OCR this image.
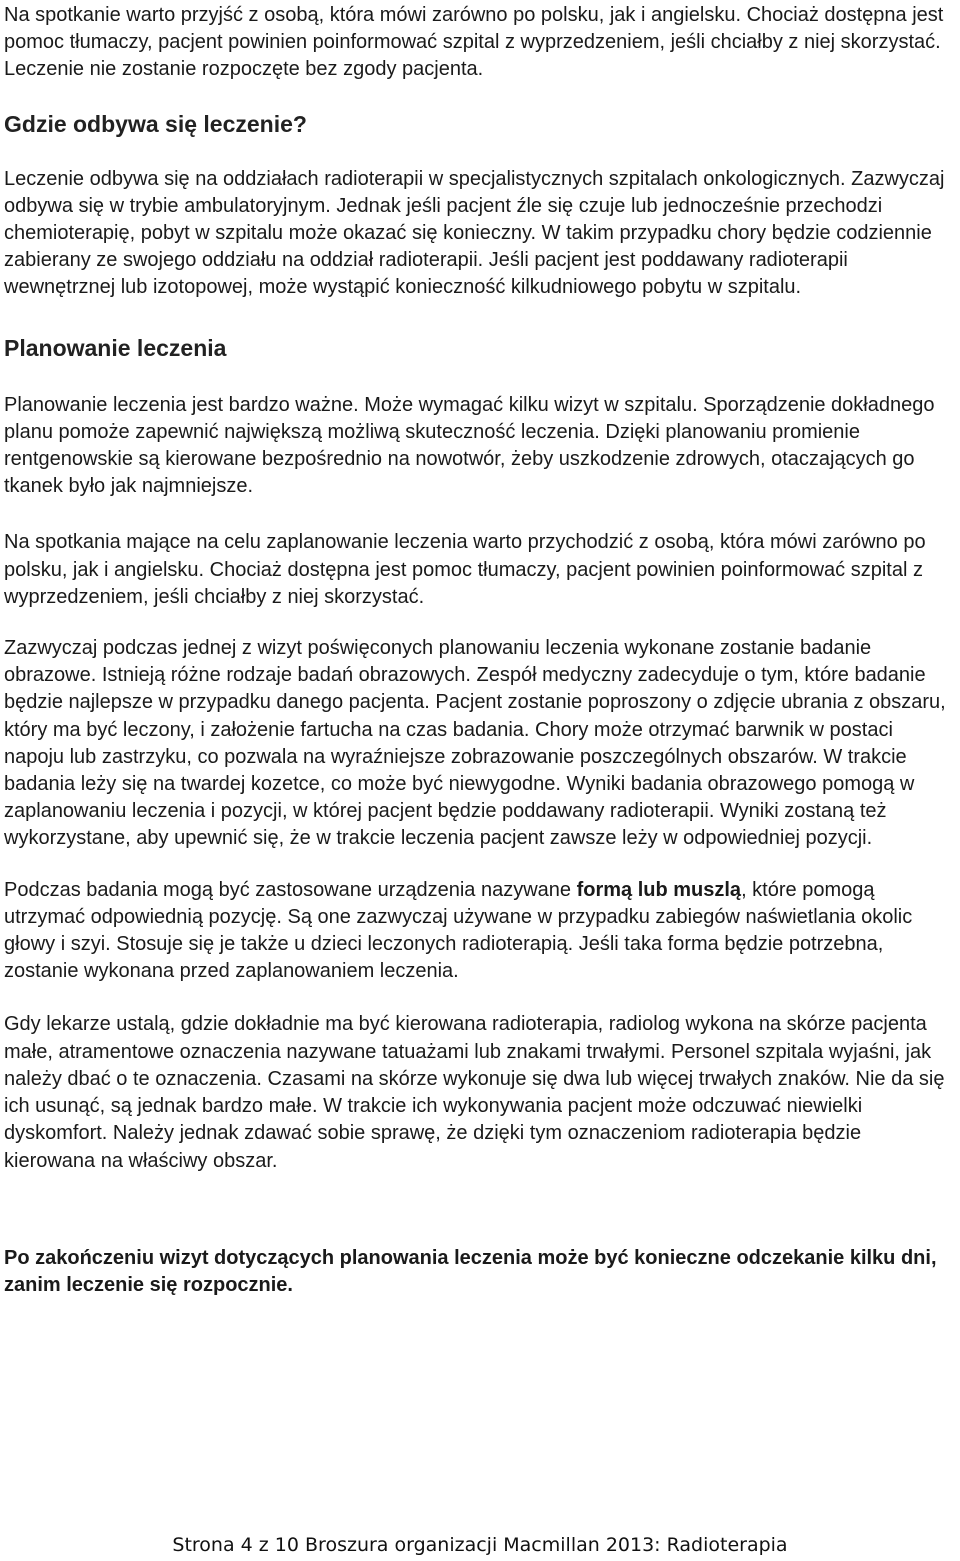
Na spotkanie warto przyjść z osobą, która mówi zarówno po polsku, jak i angielsku. Chociaż dostępna jest pomoc tłumaczy, pacjent powinien poinformować szpital z wyprzedzeniem, jeśli chciałby z niej skorzystać. Leczenie nie zostanie rozpoczęte bez zgody pacjenta.

Gdzie odbywa się leczenie?

Leczenie odbywa się na oddziałach radioterapii w specjalistycznych szpitalach onkologicznych. Zazwyczaj odbywa się w trybie ambulatoryjnym. Jednak jeśli pacjent źle się czuje lub jednocześnie przechodzi chemioterapię, pobyt w szpitalu może okazać się konieczny. W takim przypadku chory będzie codziennie zabierany ze swojego oddziału na oddział radioterapii. Jeśli pacjent jest poddawany radioterapii wewnętrznej lub izotopowej, może wystąpić konieczność kilkudniowego pobytu w szpitalu.

Planowanie leczenia

Planowanie leczenia jest bardzo ważne. Może wymagać kilku wizyt w szpitalu. Sporządzenie dokładnego planu pomoże zapewnić największą możliwą skuteczność leczenia. Dzięki planowaniu promienie rentgenowskie są kierowane bezpośrednio na nowotwór, żeby uszkodzenie zdrowych, otaczających go tkanek było jak najmniejsze.

Na spotkania mające na celu zaplanowanie leczenia warto przychodzić z osobą, która mówi zarówno po polsku, jak i angielsku. Chociaż dostępna jest pomoc tłumaczy, pacjent powinien poinformować szpital z wyprzedzeniem, jeśli chciałby z niej skorzystać.

Zazwyczaj podczas jednej z wizyt poświęconych planowaniu leczenia wykonane zostanie badanie obrazowe. Istnieją różne rodzaje badań obrazowych. Zespół medyczny zadecyduje o tym, które badanie będzie najlepsze w przypadku danego pacjenta. Pacjent zostanie poproszony o zdjęcie ubrania z obszaru, który ma być leczony, i założenie fartucha na czas badania. Chory może otrzymać barwnik w postaci napoju lub zastrzyku, co pozwala na wyraźniejsze zobrazowanie poszczególnych obszarów. W trakcie badania leży się na twardej kozetce, co może być niewygodne. Wyniki badania obrazowego pomogą w zaplanowaniu leczenia i pozycji, w której pacjent będzie poddawany radioterapii. Wyniki zostaną też wykorzystane, aby upewnić się, że w trakcie leczenia pacjent zawsze leży w odpowiedniej pozycji.

Podczas badania mogą być zastosowane urządzenia nazywane formą lub muszlą, które pomogą utrzymać odpowiednią pozycję. Są one zazwyczaj używane w przypadku zabiegów naświetlania okolic głowy i szyi. Stosuje się je także u dzieci leczonych radioterapią. Jeśli taka forma będzie potrzebna, zostanie wykonana przed zaplanowaniem leczenia.

Gdy lekarze ustalą, gdzie dokładnie ma być kierowana radioterapia, radiolog wykona na skórze pacjenta małe, atramentowe oznaczenia nazywane tatuażami lub znakami trwałymi. Personel szpitala wyjaśni, jak należy dbać o te oznaczenia. Czasami na skórze wykonuje się dwa lub więcej trwałych znaków. Nie da się ich usunąć, są jednak bardzo małe. W trakcie ich wykonywania pacjent może odczuwać niewielki dyskomfort. Należy jednak zdawać sobie sprawę, że dzięki tym oznaczeniom radioterapia będzie kierowana na właściwy obszar.

Po zakończeniu wizyt dotyczących planowania leczenia może być konieczne odczekanie kilku dni, zanim leczenie się rozpocznie.

Strona 4 z 10 Broszura organizacji Macmillan 2013: Radioterapia
